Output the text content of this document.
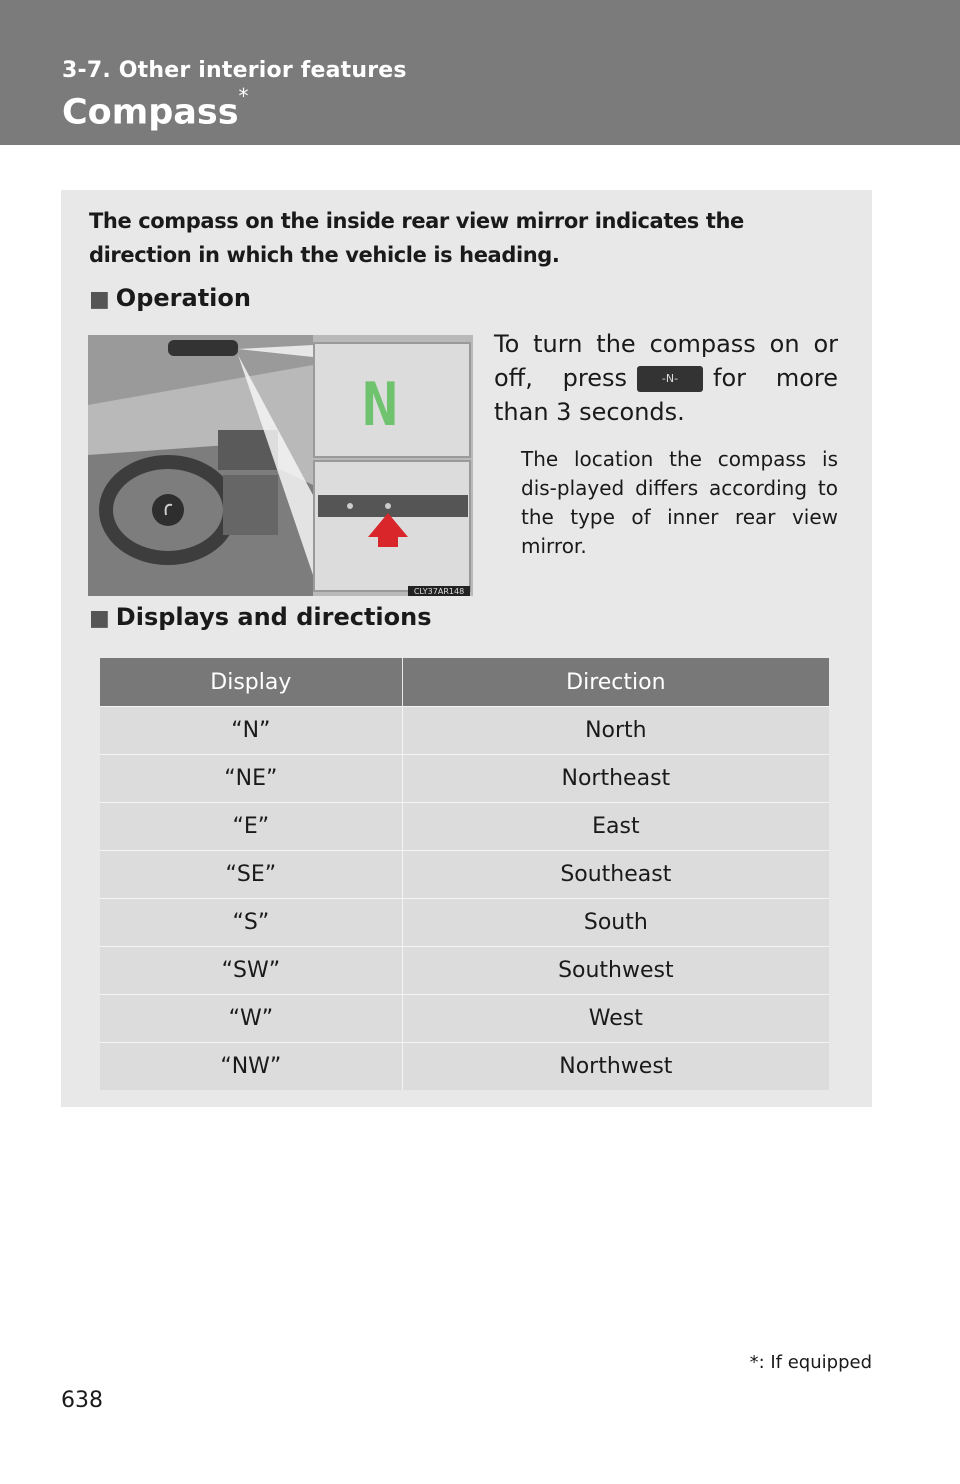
3-7. Other interior features
Compass*
The compass on the inside rear view mirror indicates the direction in which the vehicle is heading.
■ Operation
N
CLY37AR148
To turn the compass on or off, press	-N- for more than 3 seconds.
The location the compass is dis-played differs according to the type of inner rear view mirror.
■ Displays and directions
Display	Direction
“N”	North
“NE”	Northeast
“E”	East
“SE”	Southeast
“S”	South
“SW”	Southwest
“W”	West
“NW”	Northwest
*: If equipped
638
